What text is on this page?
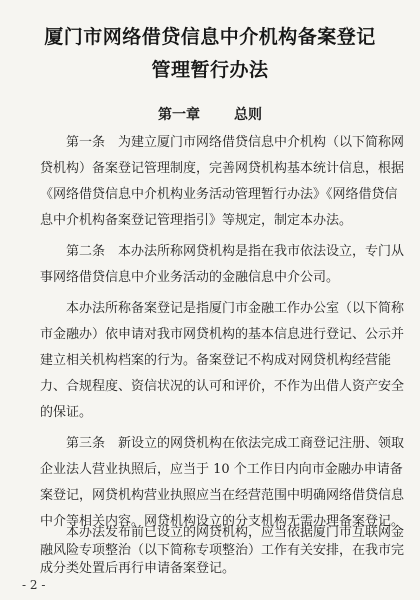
厦门市网络借贷信息中介机构备案登记
管理暂行办法
第一章 总则
第一条　为建立厦门市网络借贷信息中介机构（以下简称网
贷机构）备案登记管理制度，完善网贷机构基本统计信息，根据
《网络借贷信息中介机构业务活动管理暂行办法》《网络借贷信
息中介机构备案登记管理指引》等规定，制定本办法。
第二条　本办法所称网贷机构是指在我市依法设立，专门从
事网络借贷信息中介业务活动的金融信息中介公司。
本办法所称备案登记是指厦门市金融工作办公室（以下简称
市金融办）依申请对我市网贷机构的基本信息进行登记、公示并
建立相关机构档案的行为。备案登记不构成对网贷机构经营能
力、合规程度、资信状况的认可和评价，不作为出借人资产安全
的保证。
第三条　新设立的网贷机构在依法完成工商登记注册、领取
企业法人营业执照后，应当于 10 个工作日内向市金融办申请备
案登记，网贷机构营业执照应当在经营范围中明确网络借贷信息
中介等相关内容。网贷机构设立的分支机构无需办理备案登记。
本办法发布前已设立的网贷机构，应当依据厦门市互联网金
融风险专项整治（以下简称专项整治）工作有关安排，在我市完
成分类处置后再行申请备案登记。
- 2 -
